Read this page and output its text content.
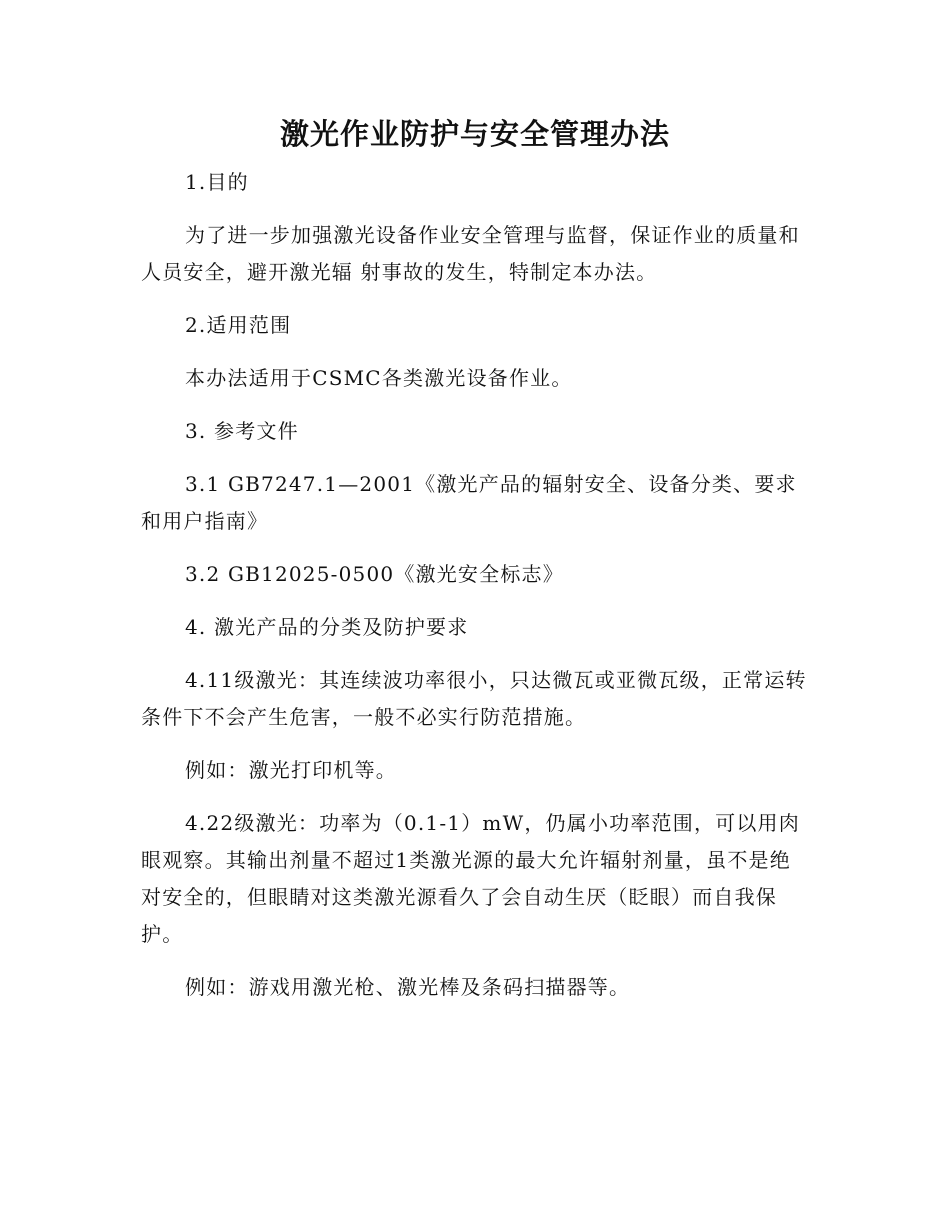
激光作业防护与安全管理办法

1.目的

为了进一步加强激光设备作业安全管理与监督，保证作业的质量和人员安全，避开激光辐 射事故的发生，特制定本办法。

2.适用范围

本办法适用于CSMC各类激光设备作业。

3. 参考文件

3.1 GB7247.1—2001《激光产品的辐射安全、设备分类、要求和用户指南》

3.2 GB12025-0500《激光安全标志》

4. 激光产品的分类及防护要求

4.11级激光：其连续波功率很小，只达微瓦或亚微瓦级，正常运转条件下不会产生危害，一般不必实行防范措施。

例如：激光打印机等。

4.22级激光：功率为（0.1-1）mW，仍属小功率范围，可以用肉眼观察。其输出剂量不超过1类激光源的最大允许辐射剂量，虽不是绝对安全的，但眼睛对这类激光源看久了会自动生厌（眨眼）而自我保护。

例如：游戏用激光枪、激光棒及条码扫描器等。
